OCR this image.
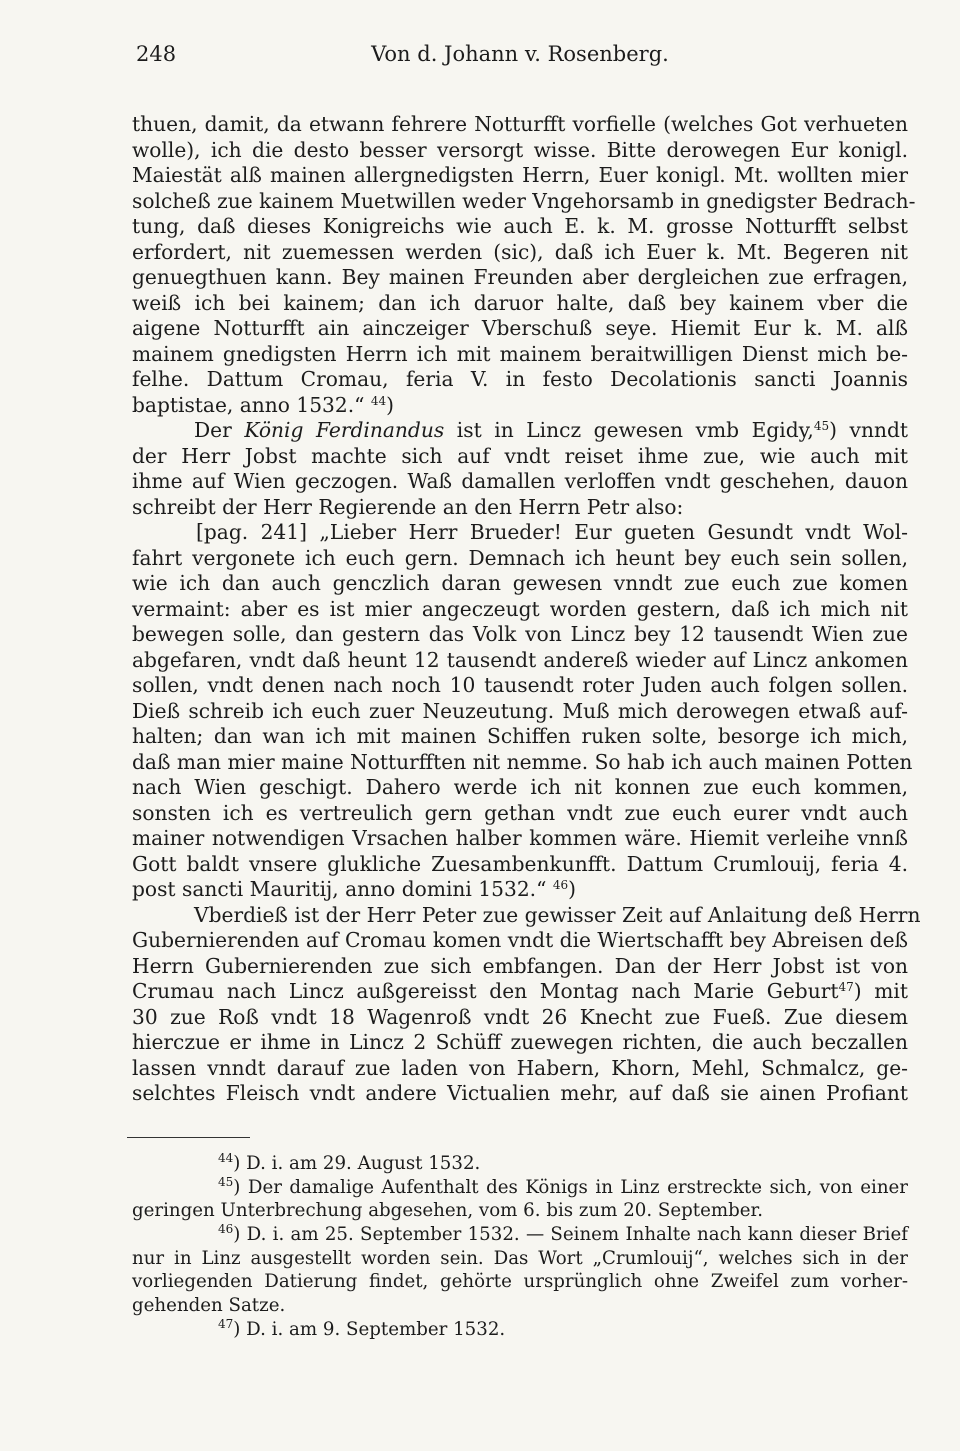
248	Von d. Johann v. Rosenberg.
thuen, damit, da etwann fehrere Notturfft vorfielle (welches Got verhueten
wolle), ich die desto besser versorgt wisse. Bitte derowegen Eur konigl.
Maiestät alß mainen allergnedigsten Herrn, Euer konigl. Mt. wollten mier
solcheß zue kainem Muetwillen weder Vngehorsamb in gnedigster Bedrach-
tung, daß dieses Konigreichs wie auch E. k. M. grosse Notturfft selbst
erfordert, nit zuemessen werden (sic), daß ich Euer k. Mt. Begeren nit
genuegthuen kann. Bey mainen Freunden aber dergleichen zue erfragen,
weiß ich bei kainem; dan ich daruor halte, daß bey kainem vber die
aigene Notturfft ain ainczeiger Vberschuß seye. Hiemit Eur k. M. alß
mainem gnedigsten Herrn ich mit mainem beraitwilligen Dienst mich be-
felhe. Dattum Cromau, feria V. in festo Decolationis sancti Joannis
baptistae, anno 1532.“ $^{44}$)
Der König Ferdinandus ist in Lincz gewesen vmb Egidy,$^{45}$) vnndt
der Herr Jobst machte sich auf vndt reiset ihme zue, wie auch mit
ihme auf Wien geczogen. Waß damallen verloffen vndt geschehen, dauon
schreibt der Herr Regierende an den Herrn Petr also:
[pag. 241] „Lieber Herr Brueder! Eur gueten Gesundt vndt Wol-
fahrt vergonete ich euch gern. Demnach ich heunt bey euch sein sollen,
wie ich dan auch genczlich daran gewesen vnndt zue euch zue komen
vermaint: aber es ist mier angeczeugt worden gestern, daß ich mich nit
bewegen solle, dan gestern das Volk von Lincz bey 12 tausendt Wien zue
abgefaren, vndt daß heunt 12 tausendt andereß wieder auf Lincz ankomen
sollen, vndt denen nach noch 10 tausendt roter Juden auch folgen sollen.
Dieß schreib ich euch zuer Neuzeutung. Muß mich derowegen etwaß auf-
halten; dan wan ich mit mainen Schiffen ruken solte, besorge ich mich,
daß man mier maine Notturfften nit nemme. So hab ich auch mainen Potten
nach Wien geschigt. Dahero werde ich nit konnen zue euch kommen,
sonsten ich es vertreulich gern gethan vndt zue euch eurer vndt auch
mainer notwendigen Vrsachen halber kommen wäre. Hiemit verleihe vnnß
Gott baldt vnsere glukliche Zuesambenkunfft. Dattum Crumlouij, feria 4.
post sancti Mauritij, anno domini 1532.“ $^{46}$)
Vberdieß ist der Herr Peter zue gewisser Zeit auf Anlaitung deß Herrn
Gubernierenden auf Cromau komen vndt die Wiertschafft bey Abreisen deß
Herrn Gubernierenden zue sich embfangen. Dan der Herr Jobst ist von
Crumau nach Lincz außgereisst den Montag nach Marie Geburt$^{47}$) mit
30 zue Roß vndt 18 Wagenroß vndt 26 Knecht zue Fueß. Zue diesem
hierczue er ihme in Lincz 2 Schüff zuewegen richten, die auch beczallen
lassen vnndt darauf zue laden von Habern, Khorn, Mehl, Schmalcz, ge-
selchtes Fleisch vndt andere Victualien mehr, auf daß sie ainen Profiant
$^{44}$) D. i. am 29. August 1532.
$^{45}$) Der damalige Aufenthalt des Königs in Linz erstreckte sich, von einer
geringen Unterbrechung abgesehen, vom 6. bis zum 20. September.
$^{46}$) D. i. am 25. September 1532. — Seinem Inhalte nach kann dieser Brief
nur in Linz ausgestellt worden sein. Das Wort „Crumlouij“, welches sich in der
vorliegenden Datierung findet, gehörte ursprünglich ohne Zweifel zum vorher-
gehenden Satze.
$^{47}$) D. i. am 9. September 1532.
